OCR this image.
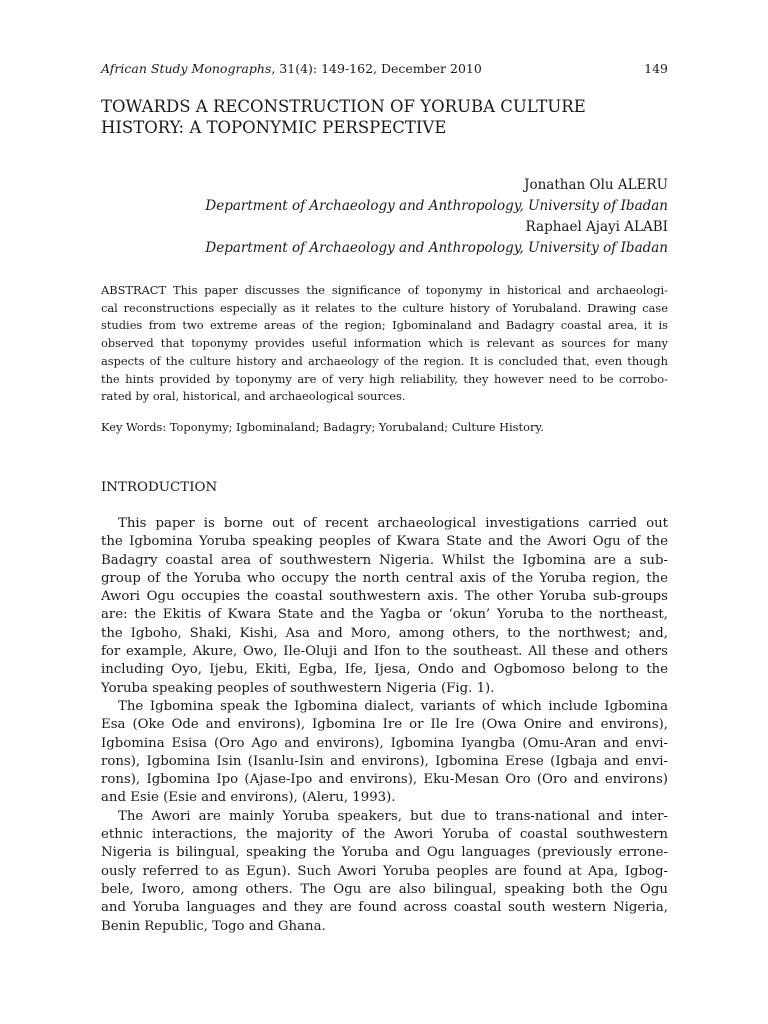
African Study Monographs, 31(4): 149-162, December 2010	149
TOWARDS A RECONSTRUCTION OF YORUBA CULTURE
HISTORY: A TOPONYMIC PERSPECTIVE
Jonathan Olu ALERU
Department of Archaeology and Anthropology, University of Ibadan
Raphael Ajayi ALABI
Department of Archaeology and Anthropology, University of Ibadan
ABSTRACT This paper discusses the significance of toponymy in historical and archaeologi-
cal reconstructions especially as it relates to the culture history of Yorubaland. Drawing case
studies from two extreme areas of the region; Igbominaland and Badagry coastal area, it is
observed that toponymy provides useful information which is relevant as sources for many
aspects of the culture history and archaeology of the region. It is concluded that, even though
the hints provided by toponymy are of very high reliability, they however need to be corrobo-
rated by oral, historical, and archaeological sources.
Key Words: Toponymy; Igbominaland; Badagry; Yorubaland; Culture History.
INTRODUCTION
This paper is borne out of recent archaeological investigations carried out
the Igbomina Yoruba speaking peoples of Kwara State and the Awori Ogu of the
Badagry coastal area of southwestern Nigeria. Whilst the Igbomina are a sub-
group of the Yoruba who occupy the north central axis of the Yoruba region, the
Awori Ogu occupies the coastal southwestern axis. The other Yoruba sub-groups
are: the Ekitis of Kwara State and the Yagba or ‘okun’ Yoruba to the northeast,
the Igboho, Shaki, Kishi, Asa and Moro, among others, to the northwest; and,
for example, Akure, Owo, Ile-Oluji and Ifon to the southeast. All these and others
including Oyo, Ijebu, Ekiti, Egba, Ife, Ijesa, Ondo and Ogbomoso belong to the
Yoruba speaking peoples of southwestern Nigeria (Fig. 1).
The Igbomina speak the Igbomina dialect, variants of which include Igbomina
Esa (Oke Ode and environs), Igbomina Ire or Ile Ire (Owa Onire and environs),
Igbomina Esisa (Oro Ago and environs), Igbomina Iyangba (Omu-Aran and envi-
rons), Igbomina Isin (Isanlu-Isin and environs), Igbomina Erese (Igbaja and envi-
rons), Igbomina Ipo (Ajase-Ipo and environs), Eku-Mesan Oro (Oro and environs)
and Esie (Esie and environs), (Aleru, 1993).
The Awori are mainly Yoruba speakers, but due to trans-national and inter-
ethnic interactions, the majority of the Awori Yoruba of coastal southwestern
Nigeria is bilingual, speaking the Yoruba and Ogu languages (previously errone-
ously referred to as Egun). Such Awori Yoruba peoples are found at Apa, Igbog-
bele, Iworo, among others. The Ogu are also bilingual, speaking both the Ogu
and Yoruba languages and they are found across coastal south western Nigeria,
Benin Republic, Togo and Ghana.
